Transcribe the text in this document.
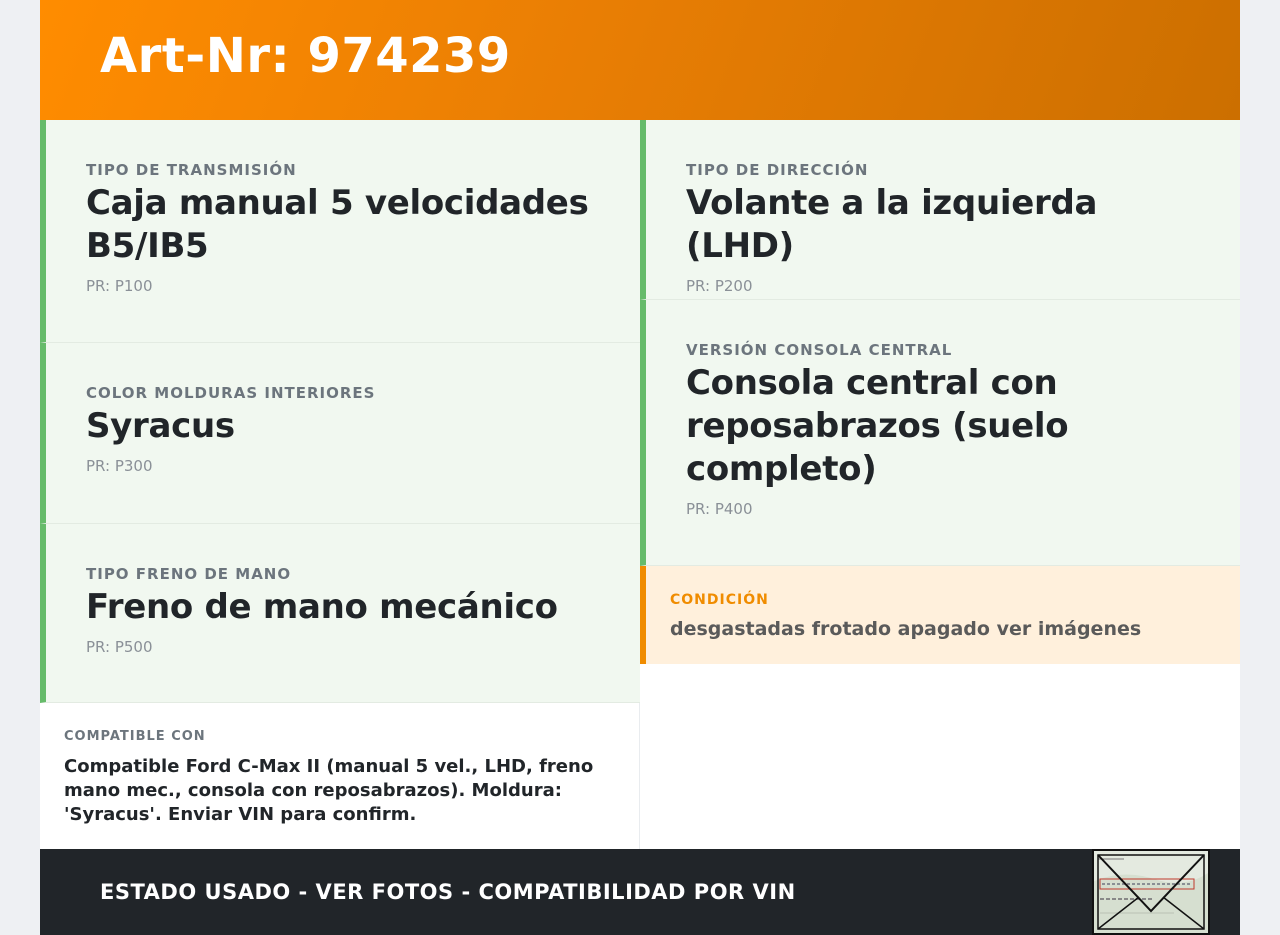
Art-Nr: 974239
TIPO DE TRANSMISIÓN
Caja manual 5 velocidades B5/IB5
PR: P100
COLOR MOLDURAS INTERIORES
Syracus
PR: P300
TIPO FRENO DE MANO
Freno de mano mecánico
PR: P500
TIPO DE DIRECCIÓN
Volante a la izquierda (LHD)
PR: P200
VERSIÓN CONSOLA CENTRAL
Consola central con reposabrazos (suelo completo)
PR: P400
CONDICIÓN
desgastadas frotado apagado ver imágenes
COMPATIBLE CON
Compatible Ford C-Max II (manual 5 vel., LHD, freno mano mec., consola con reposabrazos). Moldura: 'Syracus'. Enviar VIN para confirm.
ESTADO USADO - VER FOTOS - COMPATIBILIDAD POR VIN
